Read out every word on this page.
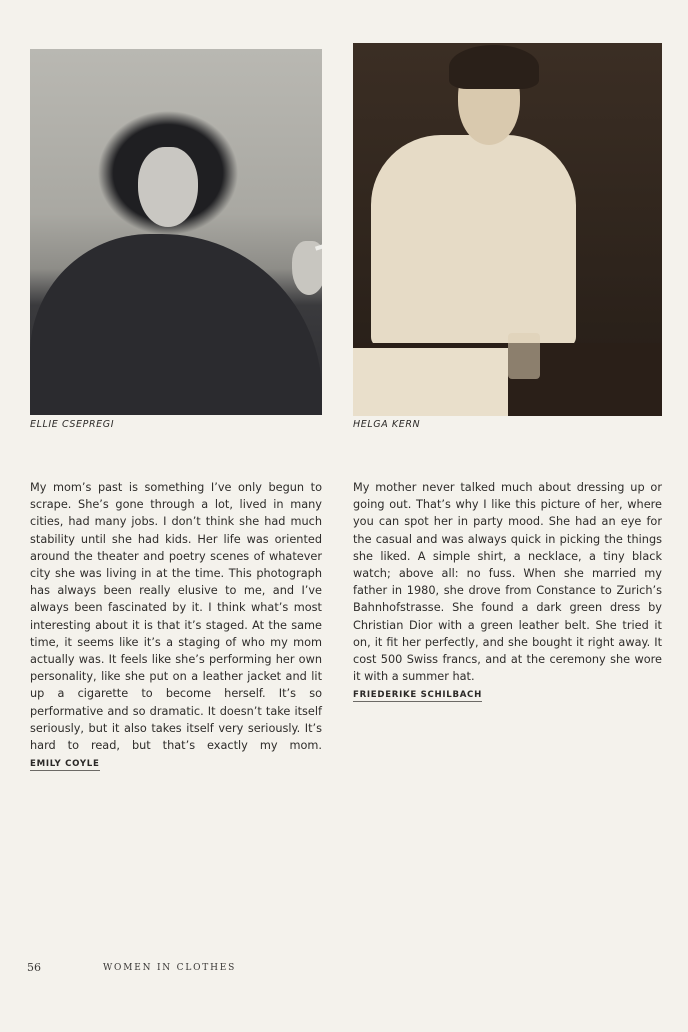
ELLIE CSEPREGI	HELGA KERN

My mom’s past is something I’ve only begun to scrape. She’s gone through a lot, lived in many cities, had many jobs. I don’t think she had much stability until she had kids. Her life was oriented around the theater and poetry scenes of whatever city she was living in at the time. This photograph has always been really elusive to me, and I’ve always been fascinated by it. I think what’s most interesting about it is that it’s staged. At the same time, it seems like it’s a staging of who my mom actually was. It feels like she’s performing her own personality, like she put on a leather jacket and lit up a cigarette to become herself. It’s so performative and so dramatic. It doesn’t take itself seriously, but it also takes itself very seriously. It’s hard to read, but that’s exactly my mom. EMILY COYLE

My mother never talked much about dressing up or going out. That’s why I like this picture of her, where you can spot her in party mood. She had an eye for the casual and was always quick in picking the things she liked. A simple shirt, a necklace, a tiny black watch; above all: no fuss. When she married my father in 1980, she drove from Constance to Zurich’s Bahnhofstrasse. She found a dark green dress by Christian Dior with a green leather belt. She tried it on, it fit her perfectly, and she bought it right away. It cost 500 Swiss francs, and at the ceremony she wore it with a summer hat.
FRIEDERIKE SCHILBACH

56	WOMEN IN CLOTHES
